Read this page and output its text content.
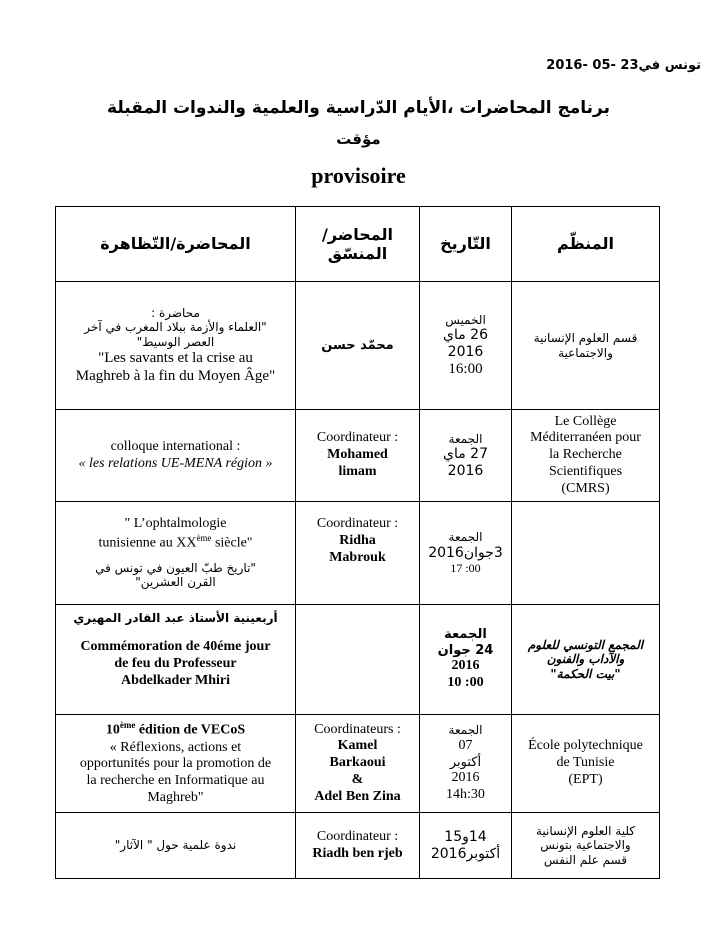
تونس في23 -05 -2016
برنامج المحاضرات ،الأيام الدّراسية والعلمية والندوات المقبلة
مؤقت
provisoire
المحاضرة/التّظاهرة	المحاضر/المنسّق	التّاريخ	المنظّم

محاضرة :
"العلماء والأزمة ببلاد المغرب في آخر
العصر الوسيط"
"Les savants et la crise au
Maghreb à la fin du Moyen Âge"	محمّد حسن	الخميس
26 ماي 2016
16:00	قسم العلوم الإنسانية
والاجتماعية

colloque international :
« les relations UE-MENA région »	Coordinateur :
Mohamed
limam	الجمعة
27 ماي 2016	Le Collège
Méditerranéen pour
la Recherche
Scientifiques
(CMRS)

" L’ophtalmologie
tunisienne au XXème siècle"
"تاريخ طبّ العيون في تونس في
القرن العشرين"	Coordinateur :
Ridha
Mabrouk	الجمعة
3جوان2016
17 :00	

أربعينية الأستاذ عبد القادر المهيري
Commémoration de 40éme jour
de feu du Professeur
Abdelkader Mhiri		الجمعة
24 جوان
2016
10 :00	المجمع التونسي للعلوم
والآداب والفنون
"بيت الحكمة"

10ème édition de VECoS
« Réflexions, actions et
opportunités pour la promotion de
la recherche en Informatique au
Maghreb"	Coordinateurs :
Kamel
Barkaoui
&
Adel Ben Zina	الجمعة
07
أكتوبر
2016
14h:30	École polytechnique
de Tunisie
(EPT)

ندوة علمية حول " الآثار"	Coordinateur :
Riadh ben rjeb	14و15
أكتوبر2016	كلية العلوم الإنسانية
والاجتماعية بتونس
قسم علم النفس
